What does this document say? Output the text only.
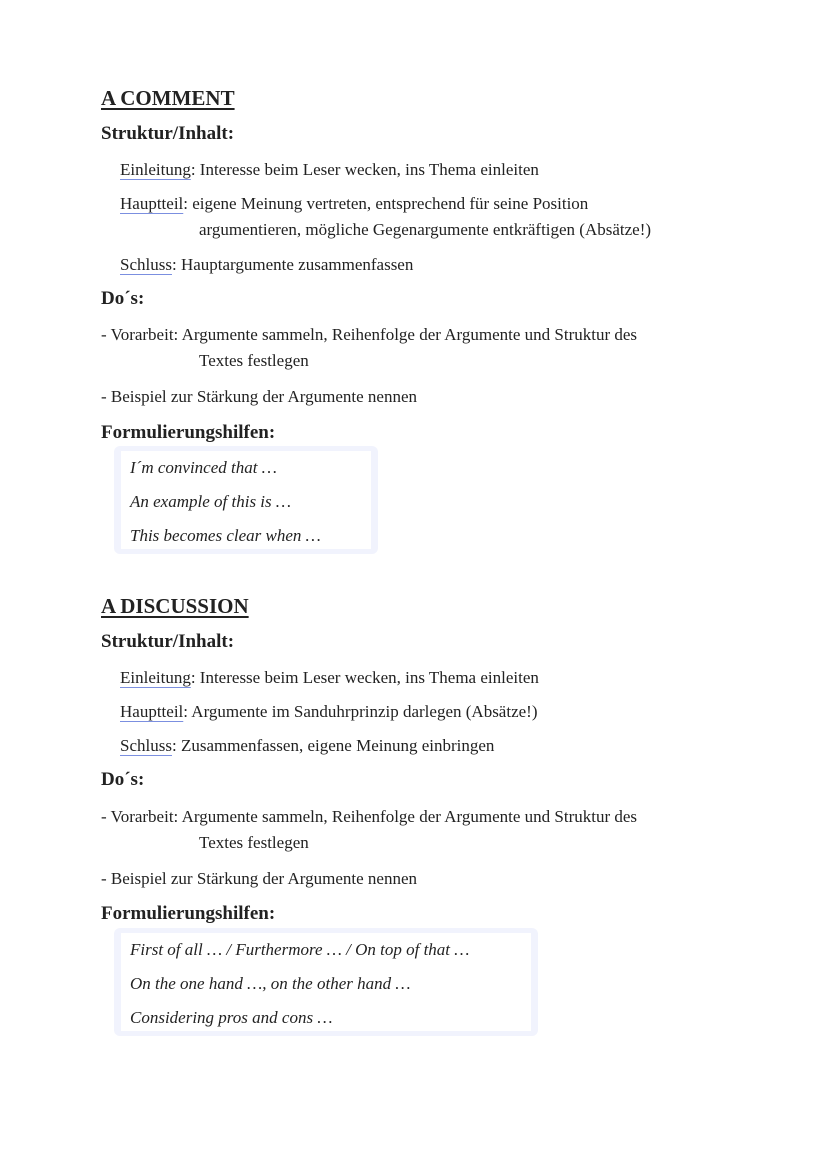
A COMMENT
Struktur/Inhalt:
Einleitung: Interesse beim Leser wecken, ins Thema einleiten
Hauptteil: eigene Meinung vertreten, entsprechend für seine Position
argumentieren, mögliche Gegenargumente entkräftigen (Absätze!)
Schluss: Hauptargumente zusammenfassen
Do´s:
- Vorarbeit: Argumente sammeln, Reihenfolge der Argumente und Struktur des
Textes festlegen
- Beispiel zur Stärkung der Argumente nennen
Formulierungshilfen:
I´m convinced that …
An example of this is …
This becomes clear when …
A DISCUSSION
Struktur/Inhalt:
Einleitung: Interesse beim Leser wecken, ins Thema einleiten
Hauptteil: Argumente im Sanduhrprinzip darlegen (Absätze!)
Schluss: Zusammenfassen, eigene Meinung einbringen
Do´s:
- Vorarbeit: Argumente sammeln, Reihenfolge der Argumente und Struktur des
Textes festlegen
- Beispiel zur Stärkung der Argumente nennen
Formulierungshilfen:
First of all … / Furthermore … / On top of that …
On the one hand …, on the other hand …
Considering pros and cons …
